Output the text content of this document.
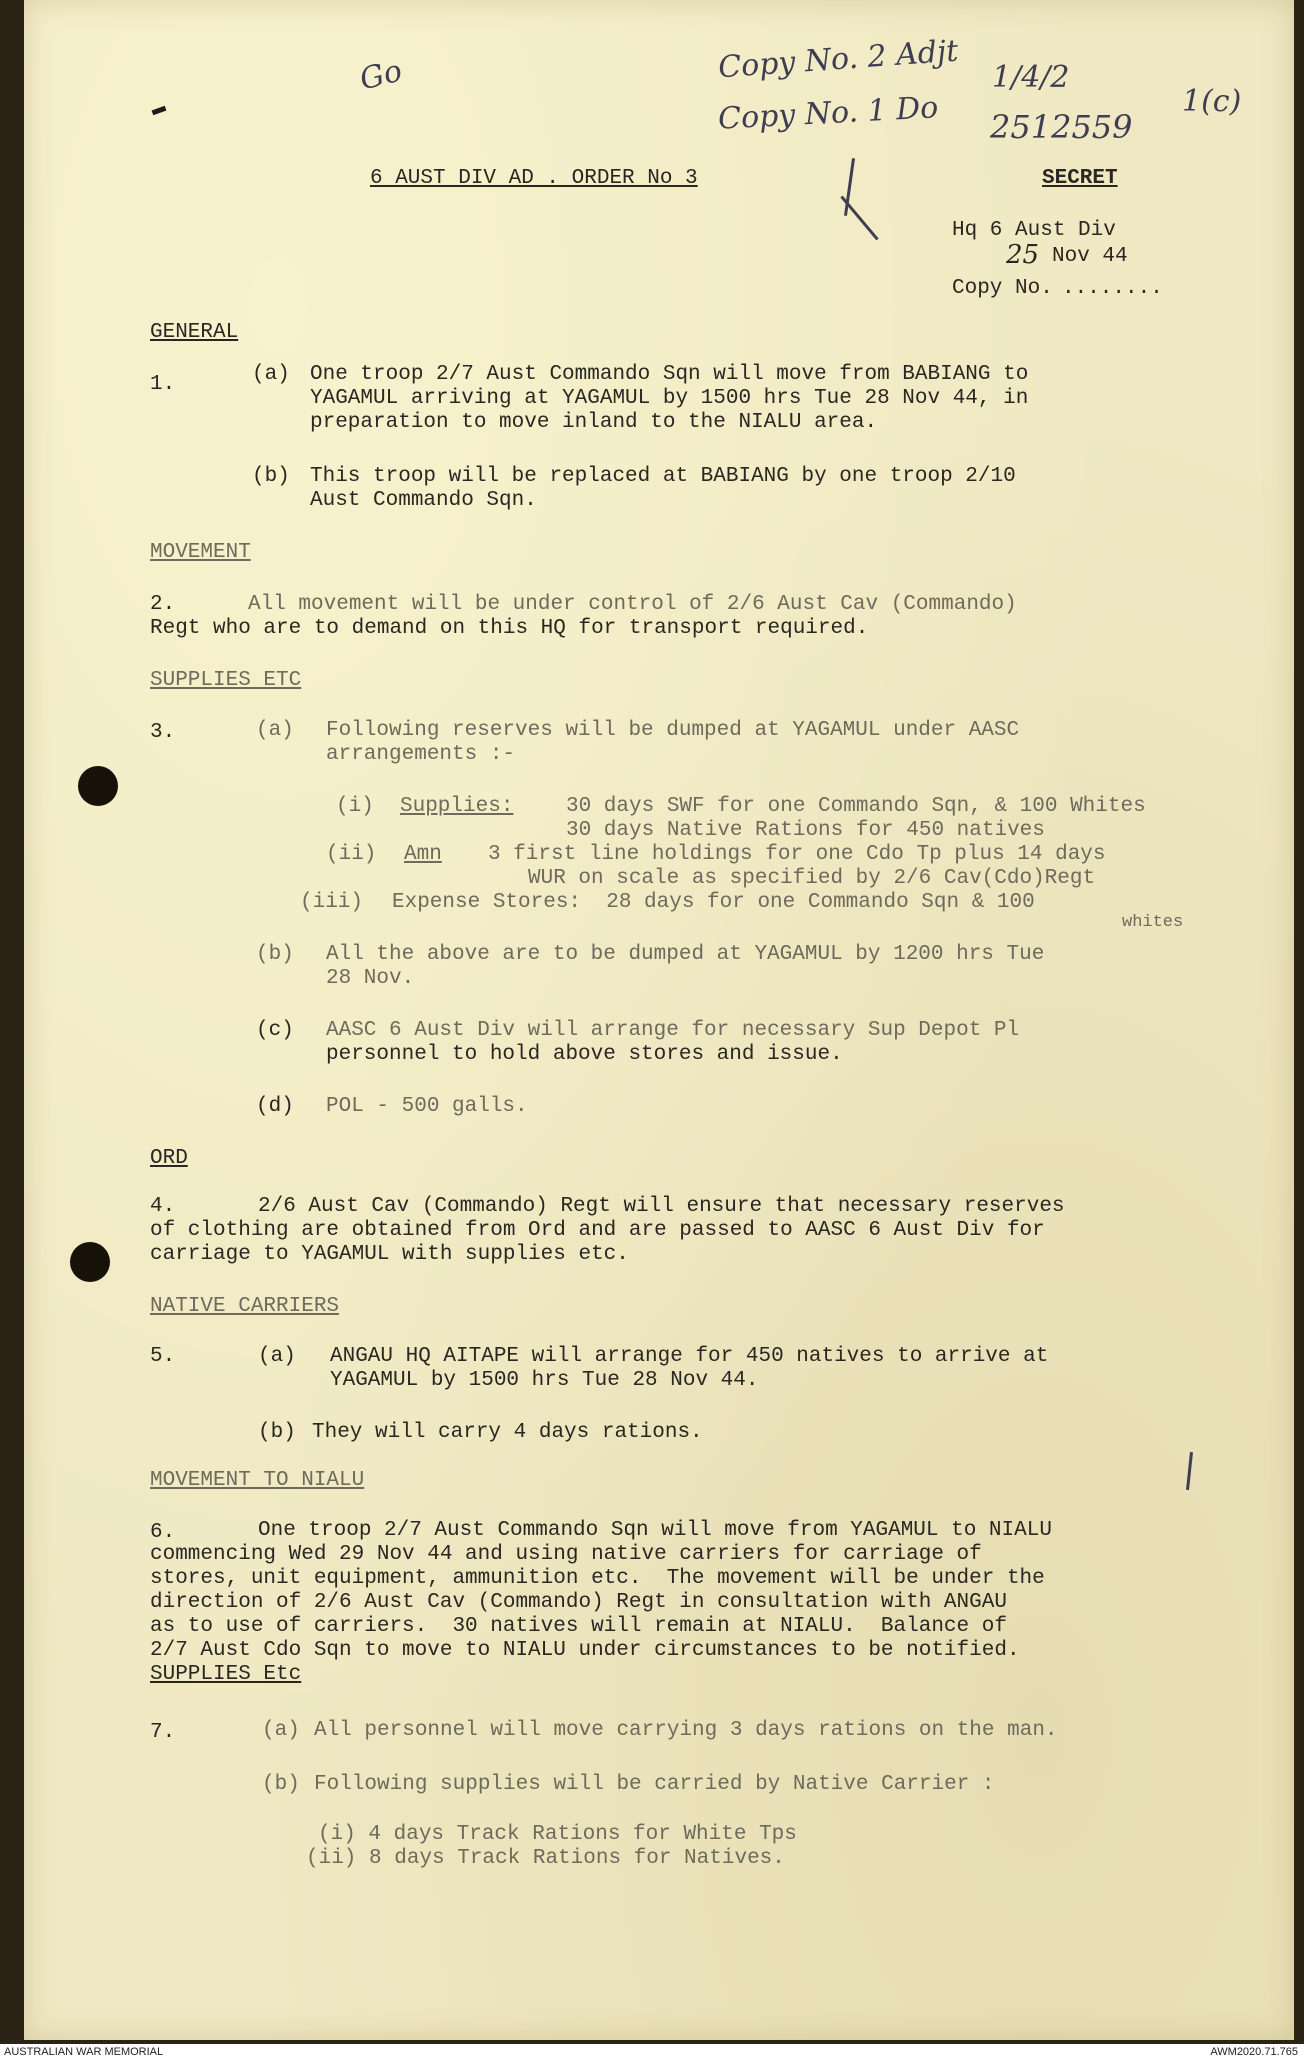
Go	Copy No. 2 Adjt
Copy No. 1 Do
1/4/2
2512559
1(c)
25
6 AUST DIV AD . ORDER No 3	SECRET
Hq 6 Aust Div
Nov 44
Copy No. ........
GENERAL
1.	(a) One troop 2/7 Aust Commando Sqn will move from BABIANG to
YAGAMUL arriving at YAGAMUL by 1500 hrs Tue 28 Nov 44, in
preparation to move inland to the NIALU area.
(b) This troop will be replaced at BABIANG by one troop 2/10
Aust Commando Sqn.
MOVEMENT
2.	All movement will be under control of 2/6 Aust Cav (Commando)
Regt who are to demand on this HQ for transport required.
SUPPLIES ETC
3.	(a) Following reserves will be dumped at YAGAMUL under AASC
arrangements :-
(i) Supplies:	30 days SWF for one Commando Sqn, & 100 Whites
30 days Native Rations for 450 natives
(ii) Amn 3 first line holdings for one Cdo Tp plus 14 days
WUR on scale as specified by 2/6 Cav(Cdo)Regt
(iii) Expense Stores:  28 days for one Commando Sqn & 100
whites
(b) All the above are to be dumped at YAGAMUL by 1200 hrs Tue
28 Nov.
(c) AASC 6 Aust Div will arrange for necessary Sup Depot Pl
personnel to hold above stores and issue.
(d) POL - 500 galls.
ORD
4.	2/6 Aust Cav (Commando) Regt will ensure that necessary reserves
of clothing are obtained from Ord and are passed to AASC 6 Aust Div for
carriage to YAGAMUL with supplies etc.
NATIVE CARRIERS
5.	(a) ANGAU HQ AITAPE will arrange for 450 natives to arrive at
YAGAMUL by 1500 hrs Tue 28 Nov 44.
(b) They will carry 4 days rations.
MOVEMENT TO NIALU
6.	One troop 2/7 Aust Commando Sqn will move from YAGAMUL to NIALU
commencing Wed 29 Nov 44 and using native carriers for carriage of
stores, unit equipment, ammunition etc.  The movement will be under the
direction of 2/6 Aust Cav (Commando) Regt in consultation with ANGAU
as to use of carriers.  30 natives will remain at NIALU.  Balance of
2/7 Aust Cdo Sqn to move to NIALU under circumstances to be notified.
SUPPLIES Etc
7.	(a) All personnel will move carrying 3 days rations on the man.
(b) Following supplies will be carried by Native Carrier :
(i) 4 days Track Rations for White Tps
(ii) 8 days Track Rations for Natives.
AUSTRALIAN WAR MEMORIAL	AWM2020.71.765
